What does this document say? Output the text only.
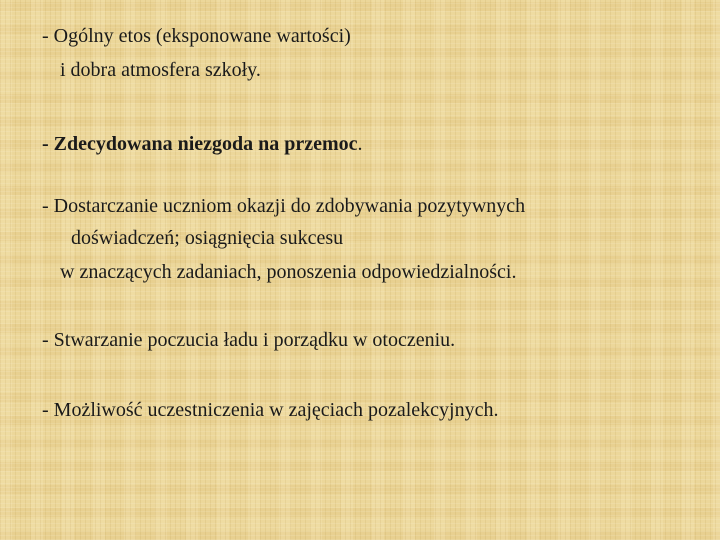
- Ogólny etos (eksponowane wartości)
i dobra atmosfera szkoły.
- Zdecydowana niezgoda na przemoc.
- Dostarczanie uczniom okazji do zdobywania pozytywnych
doświadczeń; osiągnięcia sukcesu
w znaczących zadaniach, ponoszenia odpowiedzialności.
- Stwarzanie poczucia ładu i porządku w otoczeniu.
- Możliwość uczestniczenia w zajęciach pozalekcyjnych.
